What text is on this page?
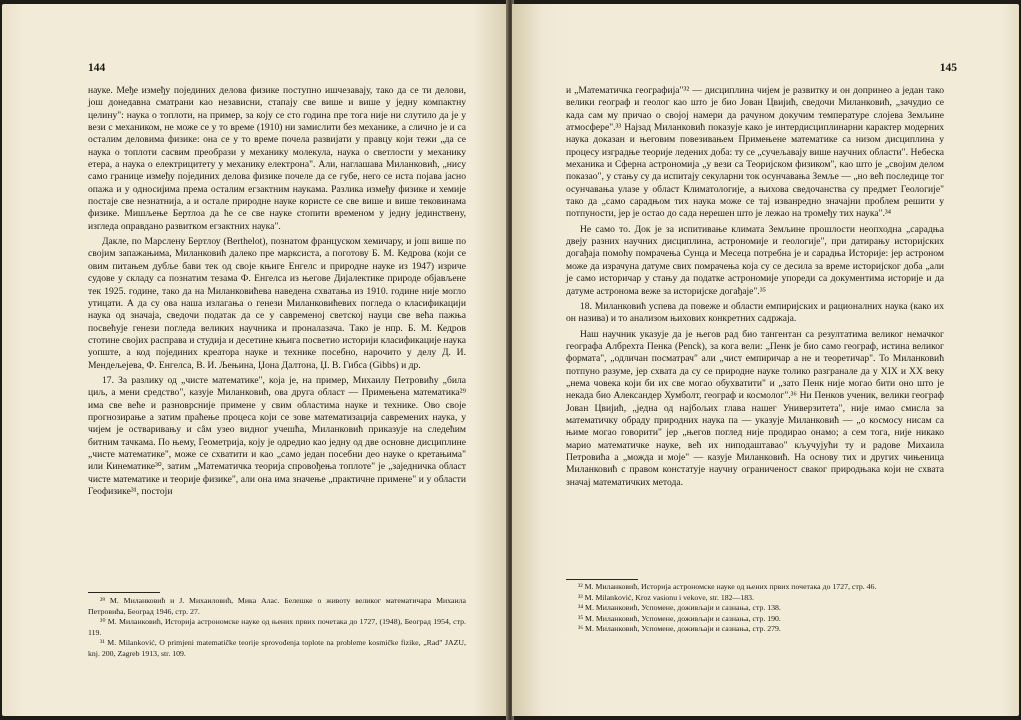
144

науке. Међе између појединих делова физике поступно ишчезавају, тако да се ти делови, још донедавна сматрани као независни, стапају све више и више у једну компактну целину": наука о топлоти, на пример, за коју се сто година пре тога није ни слутило да је у вези с механиком, не може се у то време (1910) ни замислити без механике, а слично је и са осталим деловима физике: она се у то време почела развијати у правцу који тежи „да се наука о топлоти сасвим преобрази у механику молекула, наука о светлости у механику етера, а наука о електрицитету у механику електрона". Али, наглашава Миланковић, „нису само границе између појединих делова физике почеле да се губе, него се иста појава јасно опажа и у односијима према осталим егзактним наукама. Разлика између физике и хемије постаје све незнатнија, а и остале природне науке користе се све више и више тековинама физике. Мишљење Бертлоа да ће се све науке стопити временом у једну јединствену, изгледа оправдано развитком егзактних наука".

Дакле, по Марслену Бертлоу (Berthelot), познатом француском хемичару, и још више по својим запажањима, Миланковић далеко пре марксиста, а поготову Б. М. Кедрова (који се овим питањем дубље бави тек од своје књиге Енгелс и природне науке из 1947) изриче судове у складу са познатим тезама Ф. Енгелса из његове Дијалектике природе објављене тек 1925. године, тако да на Миланковићева наведена схватања из 1910. године није могло утицати. А да су ова наша излагања о генези Миланковићевих погледа о класификацији наука од значаја, сведочи податак да се у савременој светској науци све већа пажња посвећује генези погледа великих научника и проналазача. Тако је нпр. Б. М. Кедров стотине својих расправа и студија и десетине књига посветио историји класификације наука уопште, а код појединих креатора науке и технике посебно, нарочито у делу Д. И. Мендељејева, Ф. Енгелса, В. И. Љењина, Џона Далтона, Џ. В. Гибса (Gibbs) и др.

17. За разлику од „чисте математике", која је, на пример, Михаилу Петровићу „била циљ, а мени средство", казује Миланковић, ова друга област — Примењена математика²⁹ има све веће и разноврсније примене у свим областима науке и технике. Ово своје прогнозирање а затим праћење процеса који се зове математизација савремених наука, у чијем је остваривању и сâм узео видног учешћа, Миланковић приказује на следећим битним тачкама. По њему, Геометрија, коју је одредио као једну од две основне дисциплине „чисте математике", може се схватити и као „само један посебни део науке о кретањима" или Кинематике³⁰, затим „Математичка теорија спровођења топлоте" је „заједничка област чисте математике и теорије физике", али она има значење „практичне примене" и у области Геофизике³¹, постоји

²⁹ М. Миланковић и Ј. Михаиловић, Мика Алас. Белешке о животу великог математичара Михаила Петровића, Београд 1946, стр. 27.

³⁰ М. Миланковић, Историја астрономске науке од њених првих почетака до 1727, (1948), Београд 1954, стр. 119.

³¹ M. Milanković, O primjeni matematičke teorije sprovođenja toplote na probleme kosmičke fizike, „Rad" JAZU, knj. 200, Zagreb 1913, str. 109.

145

и „Математичка географија"³² — дисциплина чијем је развитку и он допринео а један тако велики географ и геолог као што је био Јован Цвијић, сведочи Миланковић, „зачудио се када сам му причао о својој намери да рачуном докучим температуре слојева Земљине атмосфере".³³ Најзад Миланковић показује како је интердисциплинарни карактер модерних наука доказан и његовим повезивањем Примењене математике са низом дисциплина у процесу изградње теорије ледених доба: ту се „сучељавају више научних области". Небеска механика и Сферна астрономија „у вези са Теоријском физиком", као што је „својим делом показао", у стању су да испитају секуларни ток осунчавања Земље — „но већ последице тог осунчавања улазе у област Климатологије, а њихова сведочанства су предмет Геологије" тако да „само сарадњом тих наука може се тај изванредно значајни проблем решити у потпуности, јер је остао до сада нерешен што је лежао на тромеђу тих наука".³⁴

Не само то. Док је за испитивање климата Земљине прошлости неопходна „сарадња двеју разних научних дисциплина, астрономије и геологије", при датирању историјских догађаја помоћу помрачења Сунца и Месеца потребна је и сарадња Историје: јер астроном може да израчуна датуме свих помрачења која су се десила за време историјског доба „али је само историчар у стању да податке астрономије упореди са документима историје и да датуме астронома веже за историјске догађаје".³⁵

18. Миланковић успева да повеже и области емпиријских и рационалних наука (како их он назива) и то анализом њихових конкретних садржаја.

Наш научник указује да је његов рад био тангентан са резултатима великог немачког географа Албрехта Пенка (Penck), за кога вели: „Пенк је био само географ, истина великог формата", „одличан посматрач" али „чист емпиричар а не и теоретичар". То Миланковић потпуно разуме, јер схвата да су се природне науке толико разгранале да у XIX и XX веку „нема човека који би их све могао обухватити" и „зато Пенк није могао бити оно што је некада био Александер Хумболт, географ и космолог".³⁶ Ни Пенков ученик, велики географ Јован Цвијић, „једна од најбољих глава нашег Универзитета", није имао смисла за математичку обраду природних наука па — указује Миланковић — „о космосу нисам са њиме могао говорити" јер „његов поглед није продирао онамо; а сем тога, није никако марио математичке науке, већ их ниподаштавао" кључујући ту и радове Михаила Петровића а „можда и моје" — казује Миланковић. На основу тих и других чињеница Миланковић с правом констатује научну ограниченост сваког природњака који не схвата значај математичких метода.

³² М. Миланковић, Историја астрономске науке од њених првих почетака до 1727, стр. 46.

³³ M. Milanković, Kroz vasionu i vekove, str. 182—183.

³⁴ М. Миланковић, Успомене, доживљаји и сазнања, стр. 138.

³⁵ М. Миланковић, Успомене, доживљаји и сазнања, стр. 190.

³⁶ М. Миланковић, Успомене, доживљаји и сазнања, стр. 279.
